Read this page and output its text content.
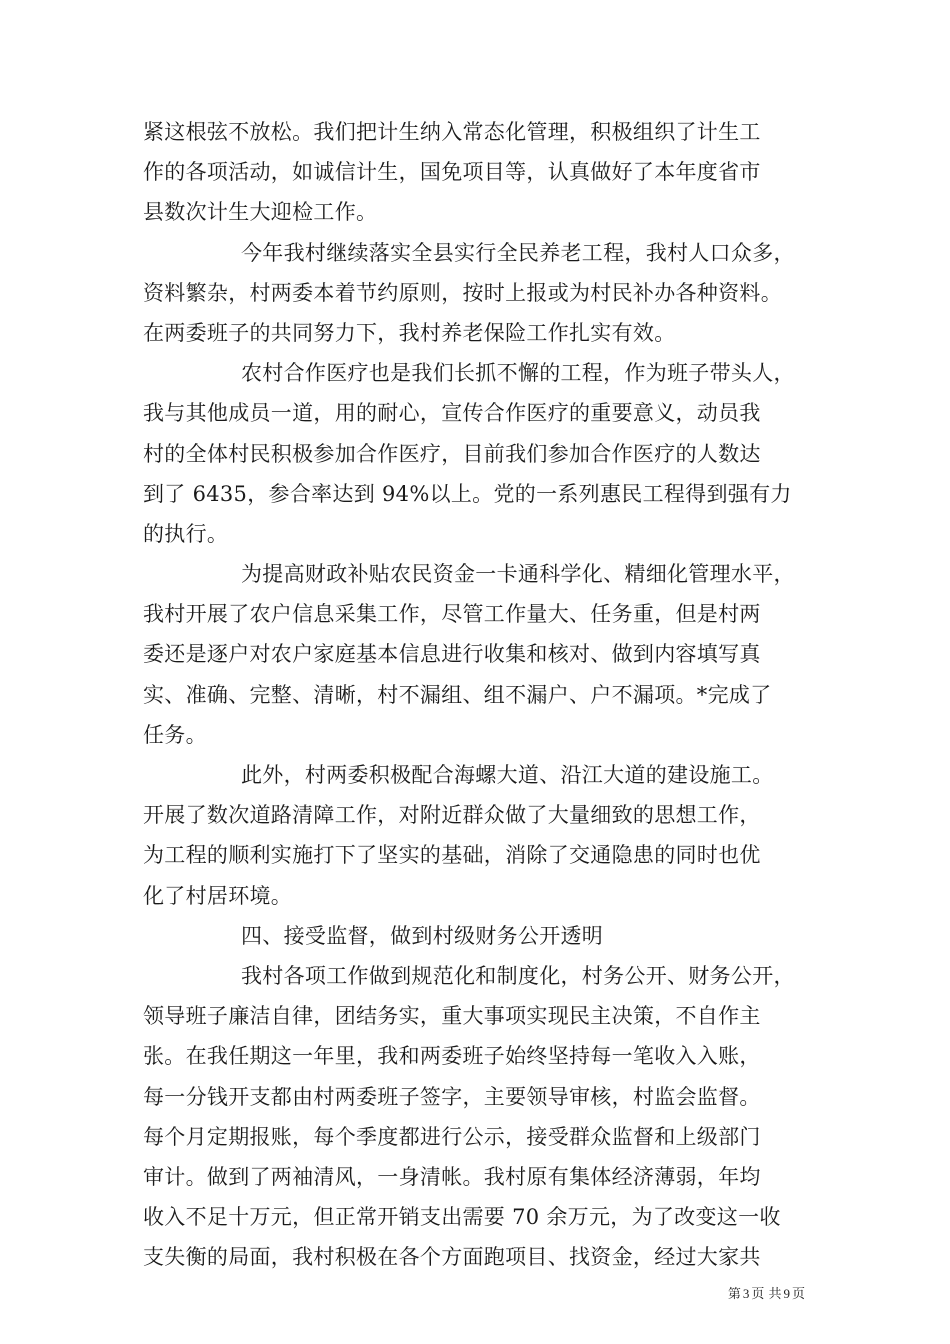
紧这根弦不放松。我们把计生纳入常态化管理，积极组织了计生工
作的各项活动，如诚信计生，国免项目等，认真做好了本年度省市
县数次计生大迎检工作。
今年我村继续落实全县实行全民养老工程，我村人口众多，
资料繁杂，村两委本着节约原则，按时上报或为村民补办各种资料。
在两委班子的共同努力下，我村养老保险工作扎实有效。
农村合作医疗也是我们长抓不懈的工程，作为班子带头人，
我与其他成员一道，用的耐心，宣传合作医疗的重要意义，动员我
村的全体村民积极参加合作医疗，目前我们参加合作医疗的人数达
到了 6435，参合率达到 94%以上。党的一系列惠民工程得到强有力
的执行。
为提高财政补贴农民资金一卡通科学化、精细化管理水平，
我村开展了农户信息采集工作，尽管工作量大、任务重，但是村两
委还是逐户对农户家庭基本信息进行收集和核对、做到内容填写真
实、准确、完整、清晰，村不漏组、组不漏户、户不漏项。*完成了
任务。
此外，村两委积极配合海螺大道、沿江大道的建设施工。
开展了数次道路清障工作，对附近群众做了大量细致的思想工作，
为工程的顺利实施打下了坚实的基础，消除了交通隐患的同时也优
化了村居环境。
四、接受监督，做到村级财务公开透明
我村各项工作做到规范化和制度化，村务公开、财务公开，
领导班子廉洁自律，团结务实，重大事项实现民主决策，不自作主
张。在我任期这一年里，我和两委班子始终坚持每一笔收入入账，
每一分钱开支都由村两委班子签字，主要领导审核，村监会监督。
每个月定期报账，每个季度都进行公示，接受群众监督和上级部门
审计。做到了两袖清风，一身清帐。我村原有集体经济薄弱，年均
收入不足十万元，但正常开销支出需要 70 余万元，为了改变这一收
支失衡的局面，我村积极在各个方面跑项目、找资金，经过大家共
第 3 页 共 9 页
